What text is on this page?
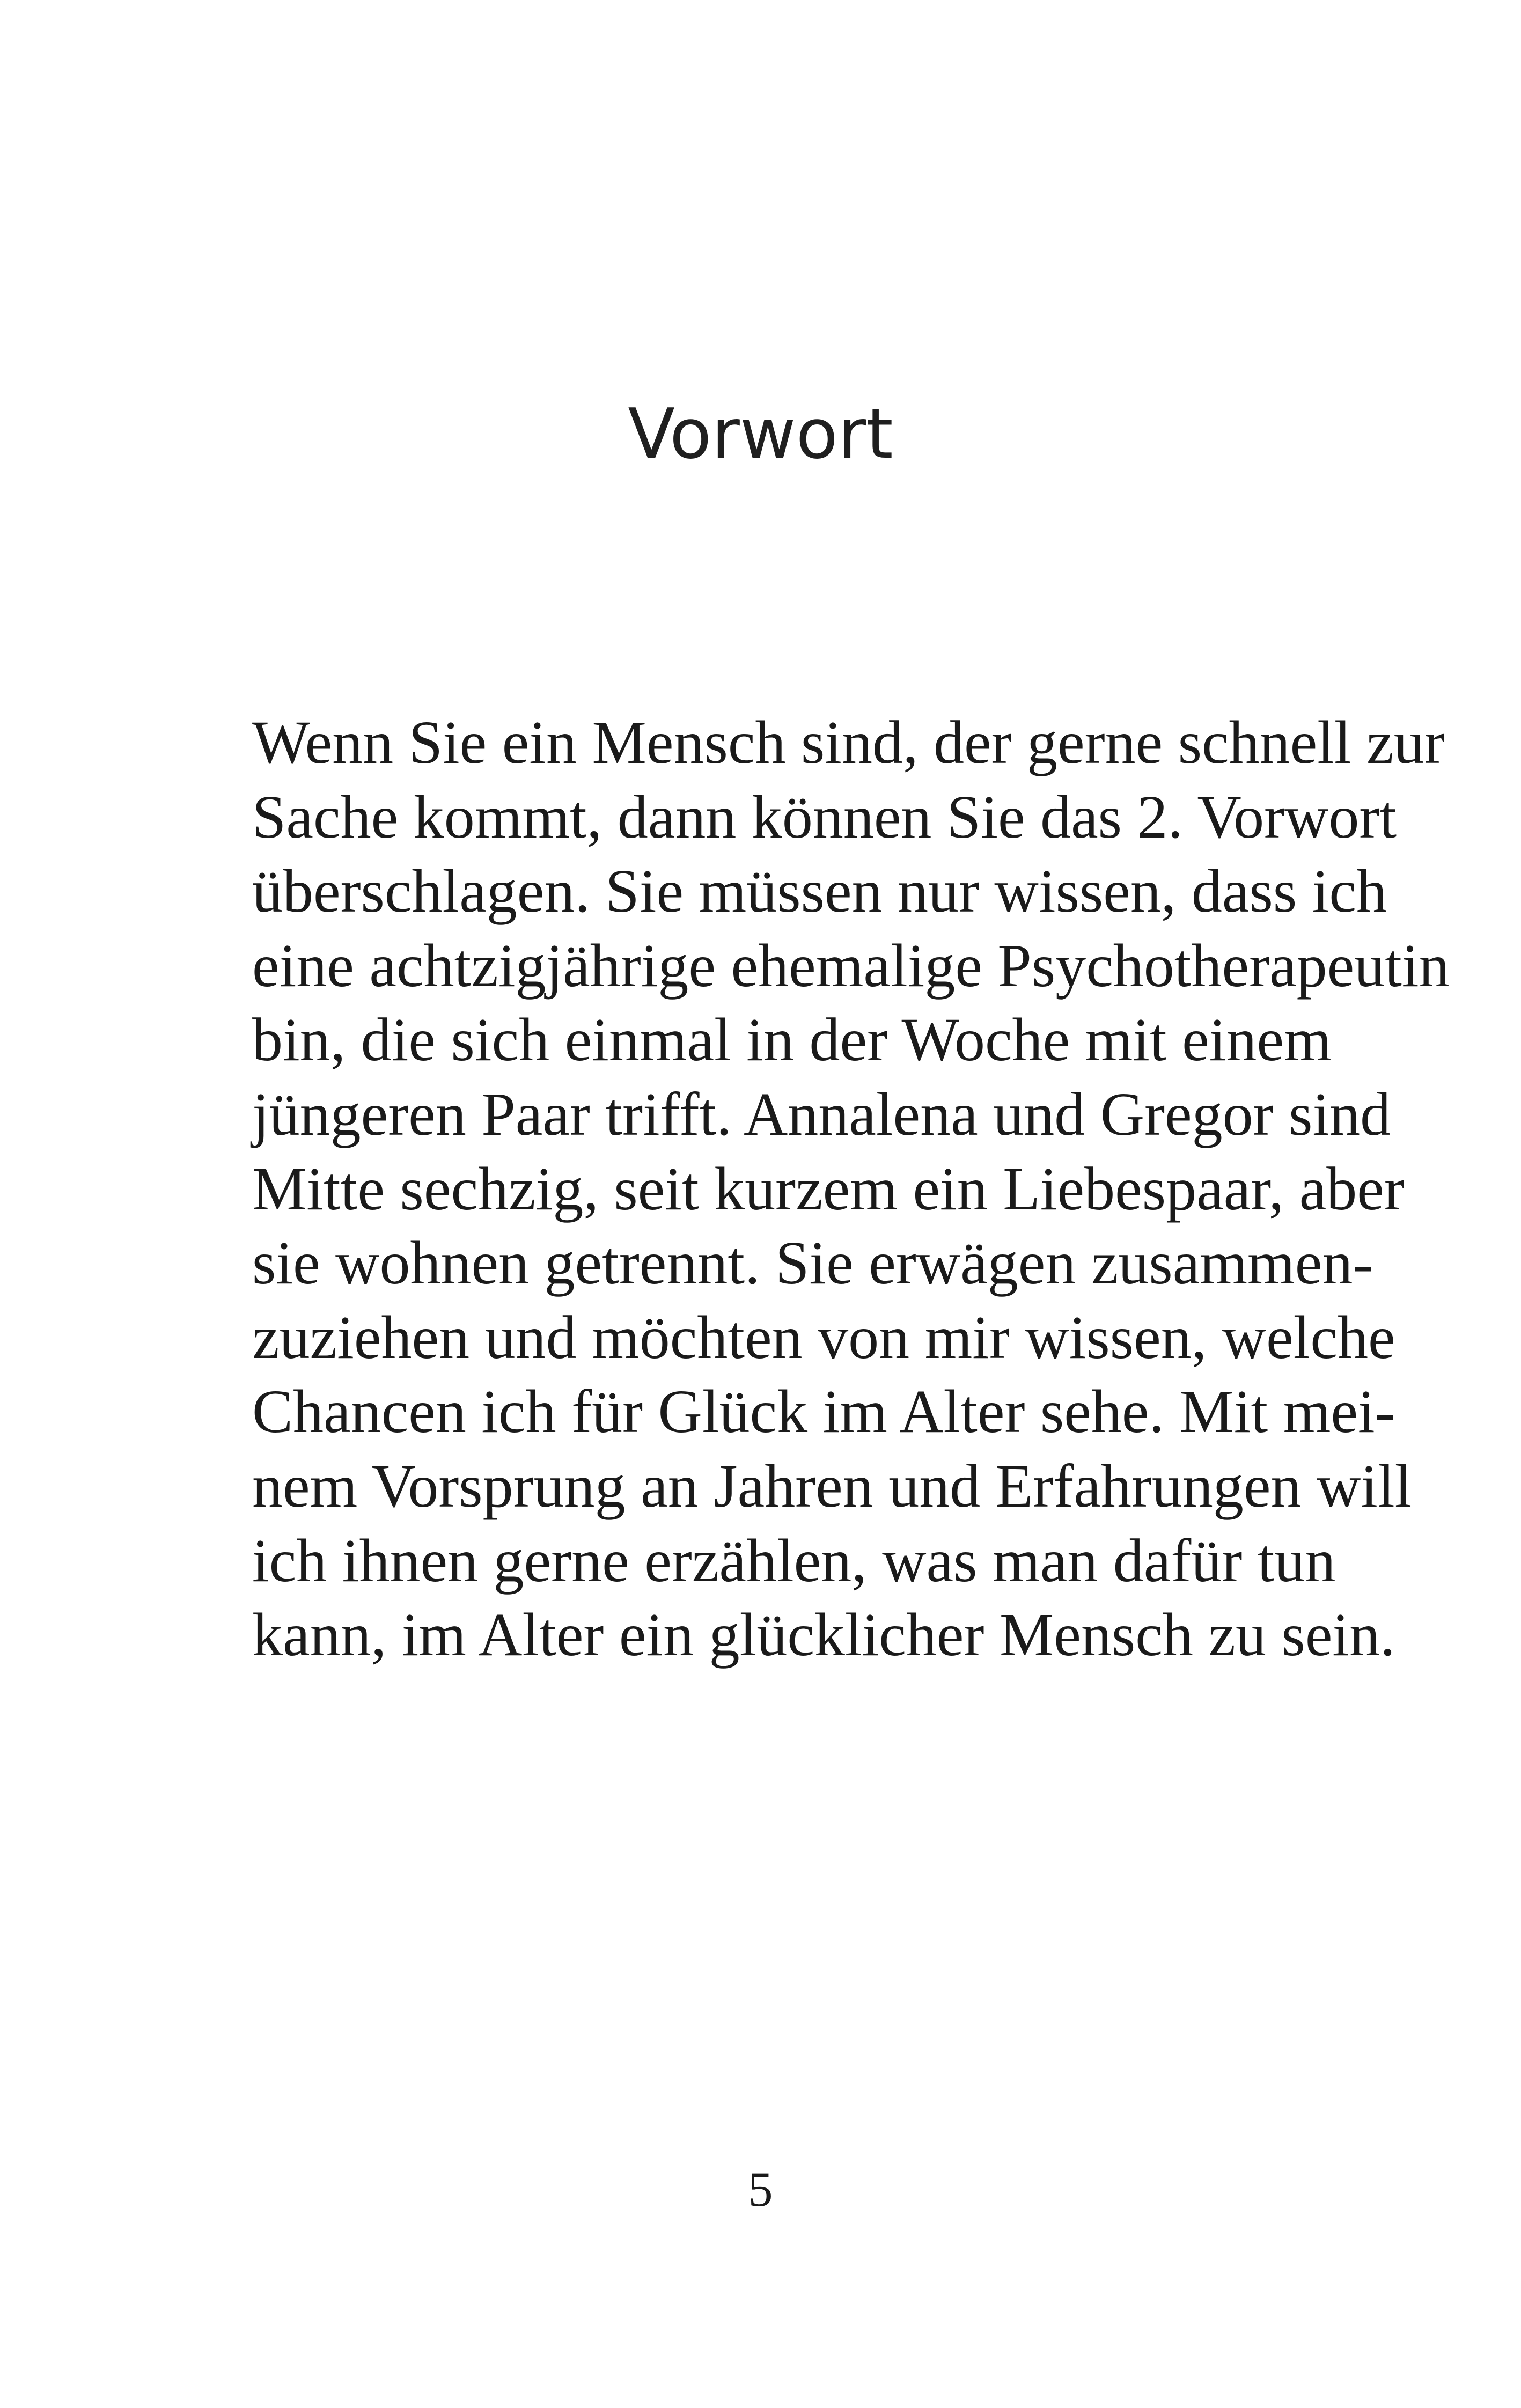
Vorwort
Wenn Sie ein Mensch sind, der gerne schnell zur
Sache kommt, dann können Sie das 2. Vorwort
überschlagen. Sie müssen nur wissen, dass ich
eine achtzigjährige ehemalige Psychotherapeutin
bin, die sich einmal in der Woche mit einem
jüngeren Paar trifft. Annalena und Gregor sind
Mitte sechzig, seit kurzem ein Liebespaar, aber
sie wohnen getrennt. Sie erwägen zusammen-
zuziehen und möchten von mir wissen, welche
Chancen ich für Glück im Alter sehe. Mit mei-
nem Vorsprung an Jahren und Erfahrungen will
ich ihnen gerne erzählen, was man dafür tun
kann, im Alter ein glücklicher Mensch zu sein.
5
